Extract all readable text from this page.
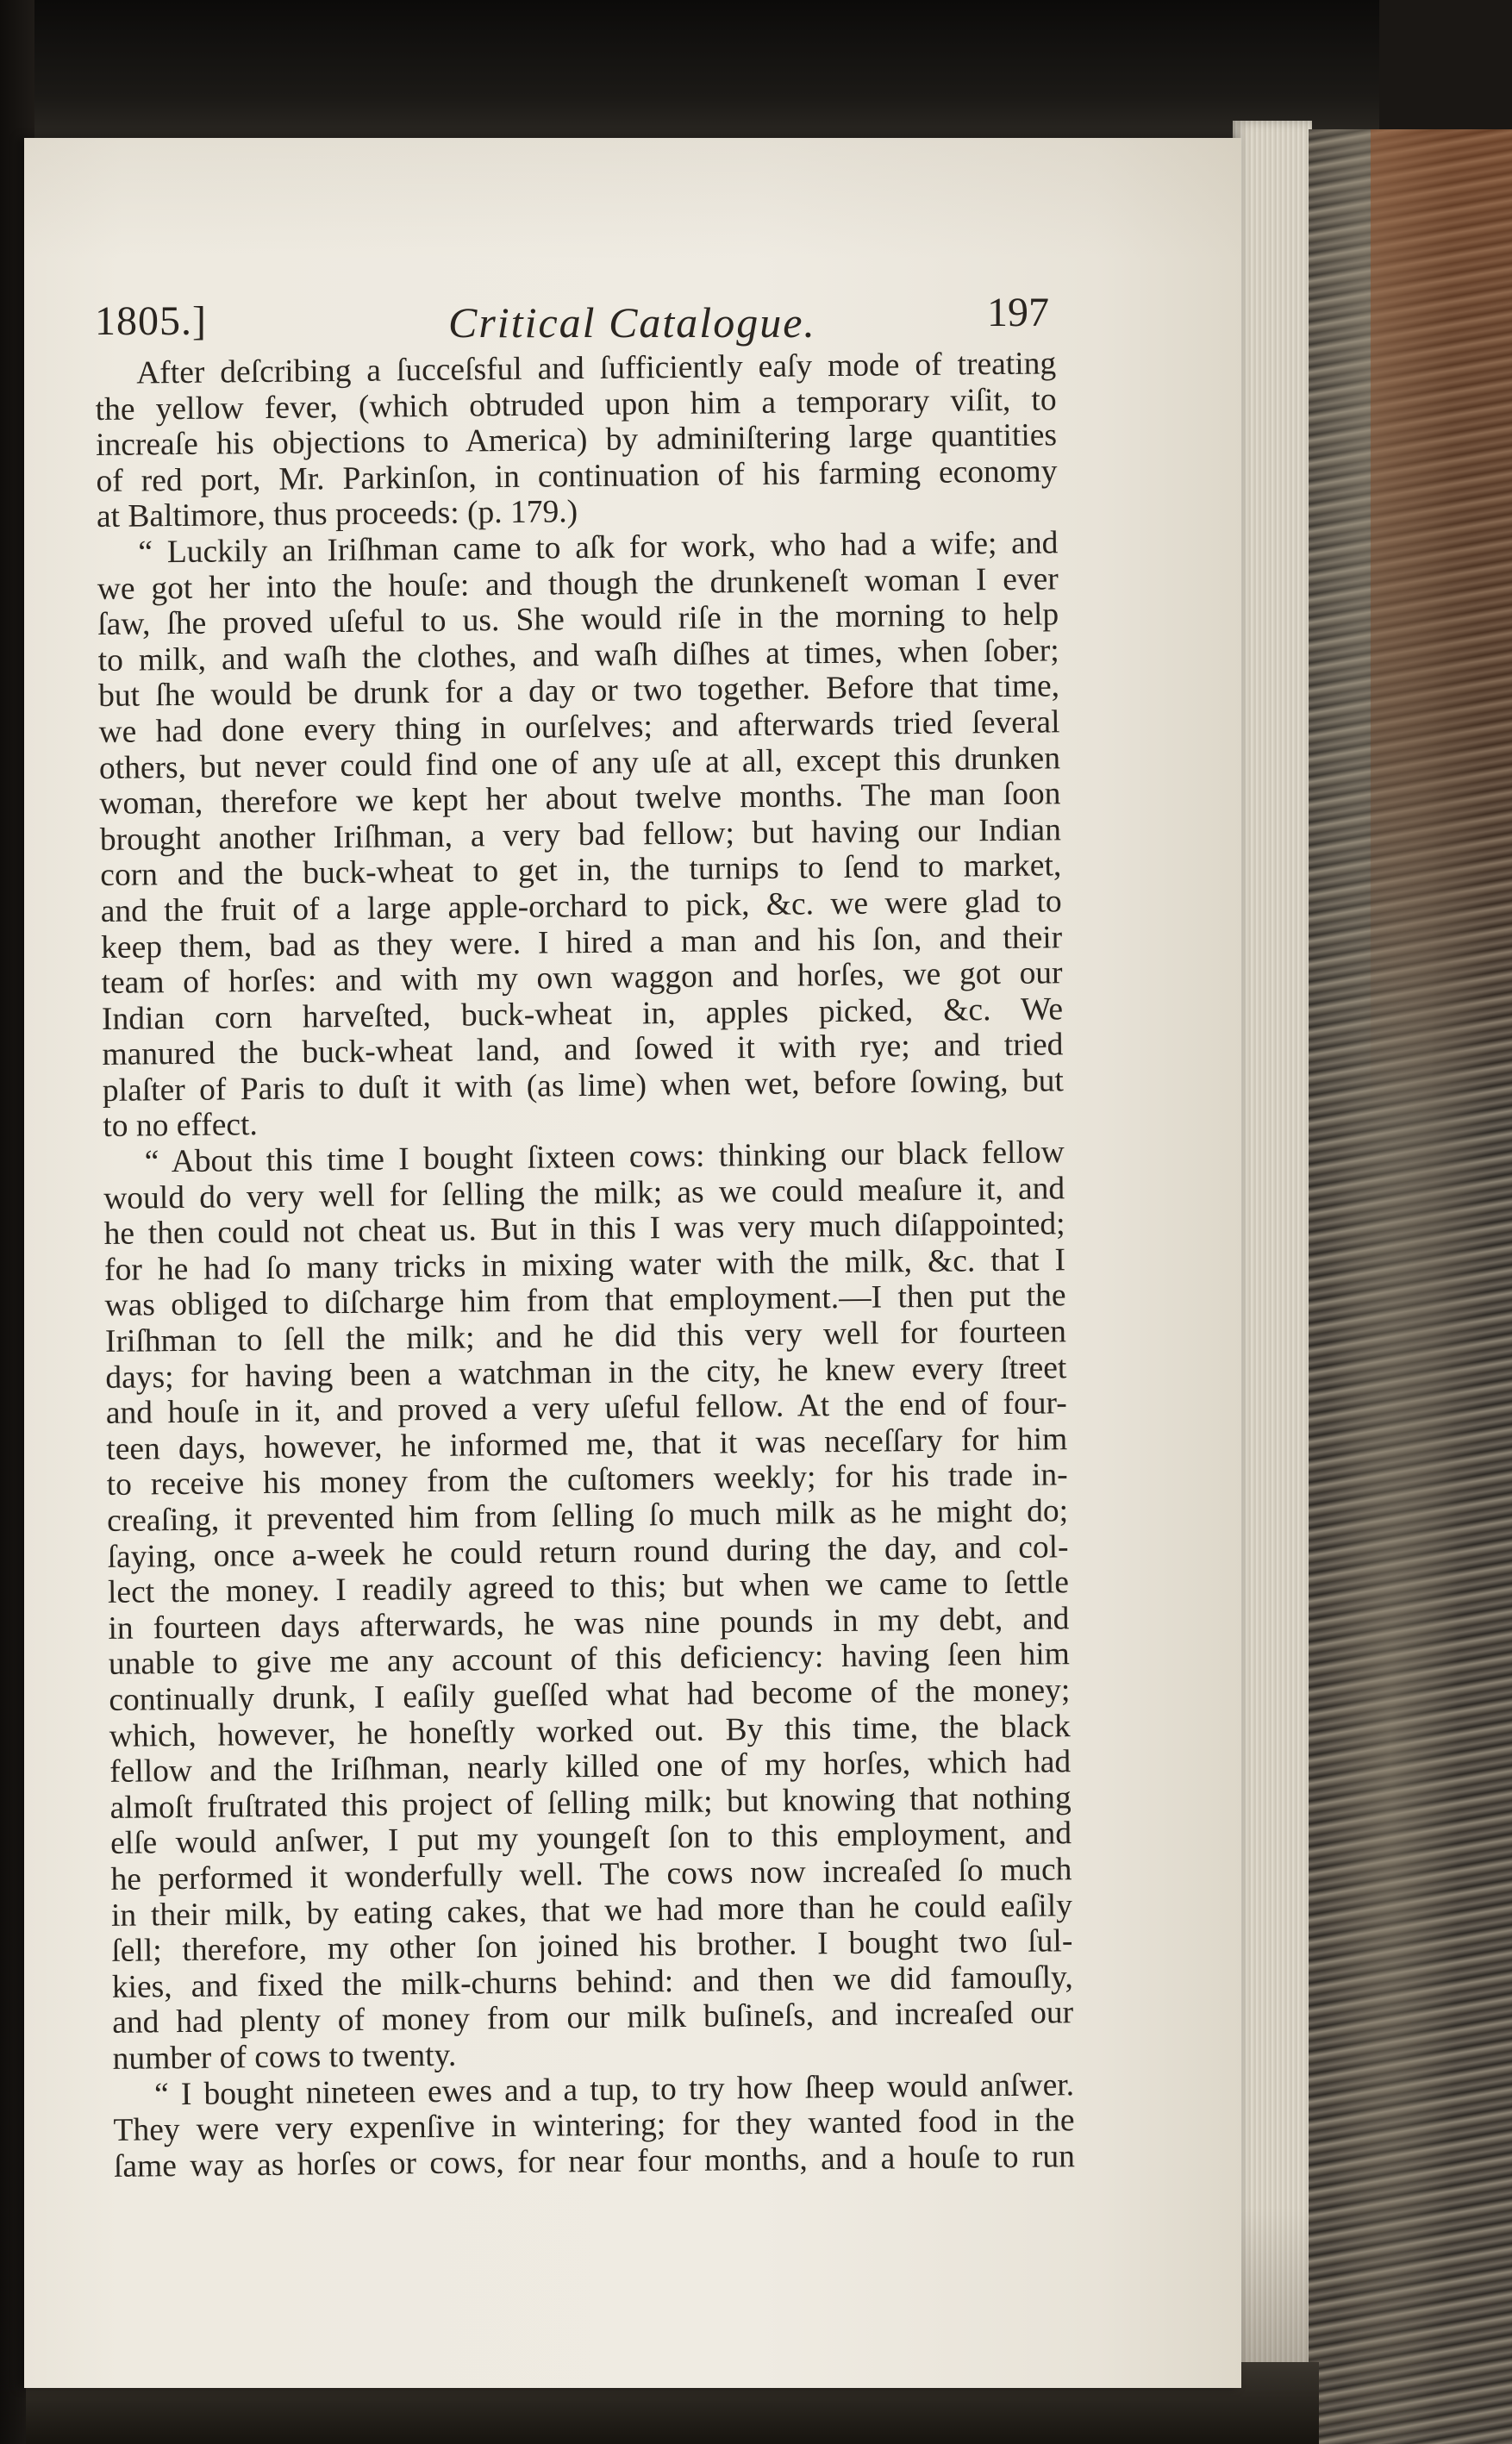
1805.]	Critical Catalogue.	197
After deſcribing a ſucceſsful and ſufficiently eaſy mode of treating
the yellow fever, (which obtruded upon him a temporary viſit, to
increaſe his objections to America) by adminiſtering large quantities
of red port, Mr. Parkinſon, in continuation of his farming economy
at Baltimore, thus proceeds: (p. 179.)
“ Luckily an Iriſhman came to aſk for work, who had a wife; and
we got her into the houſe: and though the drunkeneſt woman I ever
ſaw, ſhe proved uſeful to us. She would riſe in the morning to help
to milk, and waſh the clothes, and waſh diſhes at times, when ſober;
but ſhe would be drunk for a day or two together. Before that time,
we had done every thing in ourſelves; and afterwards tried ſeveral
others, but never could find one of any uſe at all, except this drunken
woman, therefore we kept her about twelve months. The man ſoon
brought another Iriſhman, a very bad fellow; but having our Indian
corn and the buck-wheat to get in, the turnips to ſend to market,
and the fruit of a large apple-orchard to pick, &c. we were glad to
keep them, bad as they were. I hired a man and his ſon, and their
team of horſes: and with my own waggon and horſes, we got our
Indian corn harveſted, buck-wheat in, apples picked, &c. We
manured the buck-wheat land, and ſowed it with rye; and tried
plaſter of Paris to duſt it with (as lime) when wet, before ſowing, but
to no effect.
“ About this time I bought ſixteen cows: thinking our black fellow
would do very well for ſelling the milk; as we could meaſure it, and
he then could not cheat us. But in this I was very much diſappointed;
for he had ſo many tricks in mixing water with the milk, &c. that I
was obliged to diſcharge him from that employment.—I then put the
Iriſhman to ſell the milk; and he did this very well for fourteen
days; for having been a watchman in the city, he knew every ſtreet
and houſe in it, and proved a very uſeful fellow. At the end of four-
teen days, however, he informed me, that it was neceſſary for him
to receive his money from the cuſtomers weekly; for his trade in-
creaſing, it prevented him from ſelling ſo much milk as he might do;
ſaying, once a-week he could return round during the day, and col-
lect the money. I readily agreed to this; but when we came to ſettle
in fourteen days afterwards, he was nine pounds in my debt, and
unable to give me any account of this deficiency: having ſeen him
continually drunk, I eaſily gueſſed what had become of the money;
which, however, he honeſtly worked out. By this time, the black
fellow and the Iriſhman, nearly killed one of my horſes, which had
almoſt fruſtrated this project of ſelling milk; but knowing that nothing
elſe would anſwer, I put my youngeſt ſon to this employment, and
he performed it wonderfully well. The cows now increaſed ſo much
in their milk, by eating cakes, that we had more than he could eaſily
ſell; therefore, my other ſon joined his brother. I bought two ſul-
kies, and fixed the milk-churns behind: and then we did famouſly,
and had plenty of money from our milk buſineſs, and increaſed our
number of cows to twenty.
“ I bought nineteen ewes and a tup, to try how ſheep would anſwer.
They were very expenſive in wintering; for they wanted food in the
ſame way as horſes or cows, for near four months, and a houſe to run
